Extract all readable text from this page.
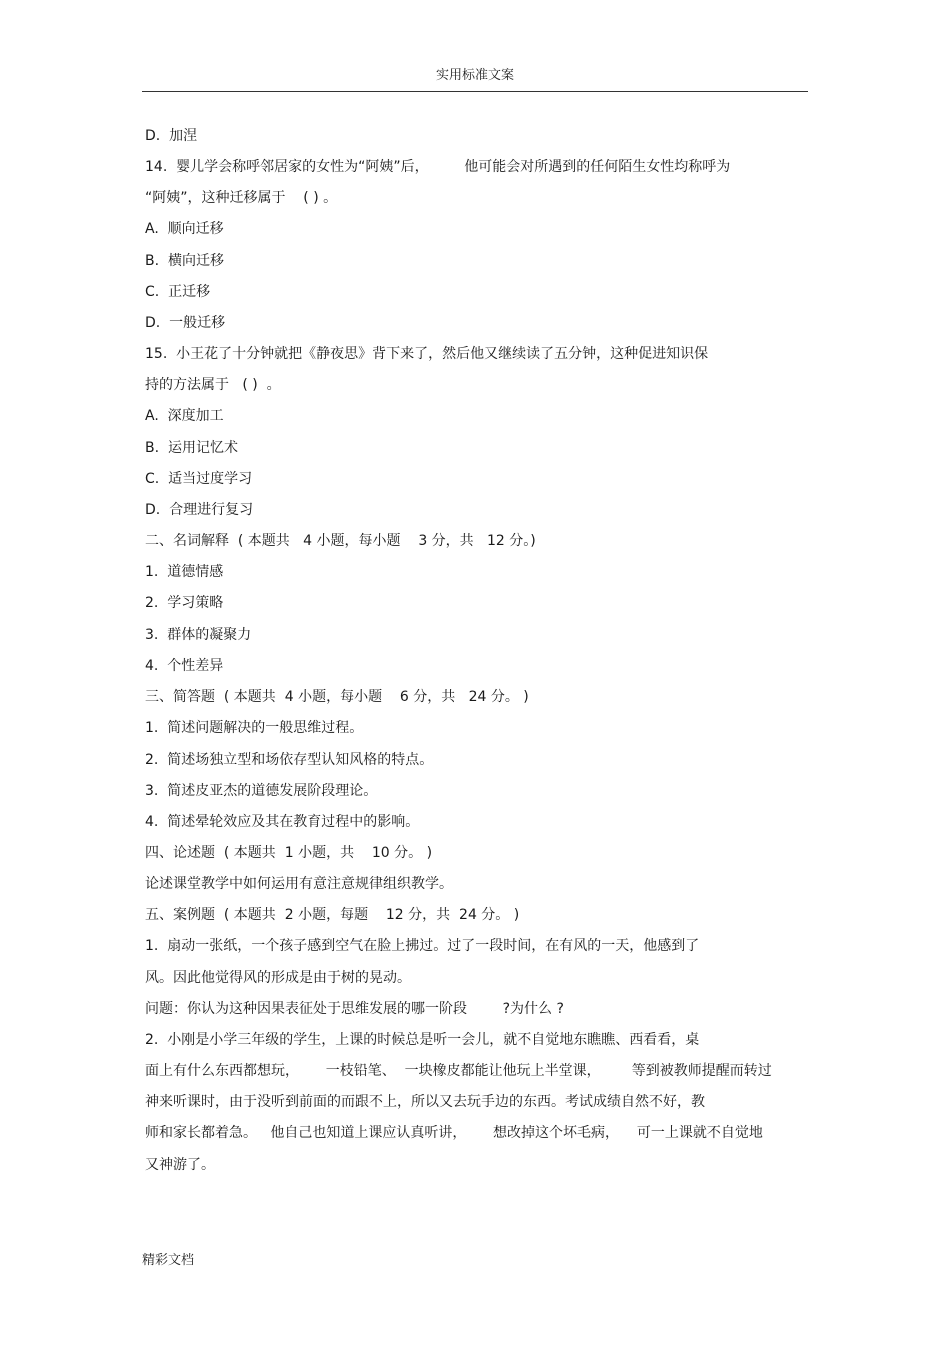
实用标准文案
D.  加涅
14.  婴儿学会称呼邻居家的女性为“阿姨”后，        他可能会对所遇到的任何陌生女性均称呼为
“阿姨”，这种迁移属于    ( ) 。
A.  顺向迁移
B.  横向迁移
C.  正迁移
D.  一般迁移
15.  小王花了十分钟就把《静夜思》背下来了，然后他又继续读了五分钟，这种促进知识保
持的方法属于   ( )  。
A.  深度加工
B.  运用记忆术
C.  适当过度学习
D.  合理进行复习
二、名词解释  ( 本题共   4 小题，每小题    3 分，共   12 分。)
1.  道德情感
2.  学习策略
3.  群体的凝聚力
4.  个性差异
三、简答题  ( 本题共  4 小题，每小题    6 分，共   24 分。 )
1.  简述问题解决的一般思维过程。
2.  简述场独立型和场依存型认知风格的特点。
3.  简述皮亚杰的道德发展阶段理论。
4.  简述晕轮效应及其在教育过程中的影响。
四、论述题  ( 本题共  1 小题，共    10 分。 )
论述课堂教学中如何运用有意注意规律组织教学。
五、案例题  ( 本题共  2 小题，每题    12 分，共  24 分。 )
1.  扇动一张纸，一个孩子感到空气在脸上拂过。过了一段时间，在有风的一天，他感到了
风。因此他觉得风的形成是由于树的晃动。
问题：你认为这种因果表征处于思维发展的哪一阶段        ?为什么 ?
2.  小刚是小学三年级的学生，上课的时候总是听一会儿，就不自觉地东瞧瞧、西看看，桌
面上有什么东西都想玩，      一枝铅笔、  一块橡皮都能让他玩上半堂课，       等到被教师提醒而转过
神来听课时，由于没听到前面的而跟不上，所以又去玩手边的东西。考试成绩自然不好，教
师和家长都着急。   他自己也知道上课应认真听讲，      想改掉这个坏毛病，    可一上课就不自觉地
又神游了。
精彩文档
